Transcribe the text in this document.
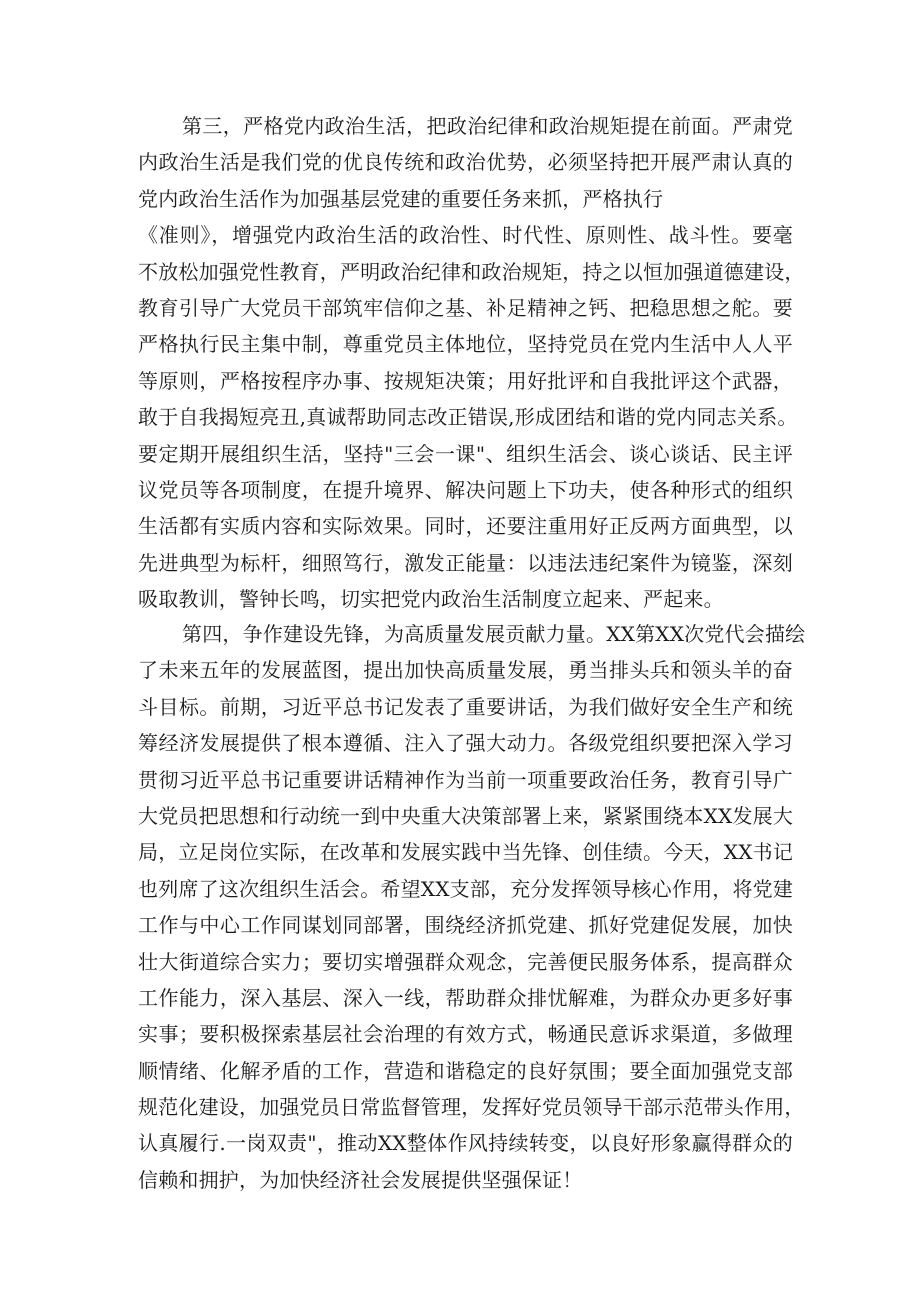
第三，严格党内政治生活，把政治纪律和政治规矩提在前面。严肃党
内政治生活是我们党的优良传统和政治优势，必须坚持把开展严肃认真的
党内政治生活作为加强基层党建的重要任务来抓，严格执行
《准则》，增强党内政治生活的政治性、时代性、原则性、战斗性。要毫
不放松加强党性教育，严明政治纪律和政治规矩，持之以恒加强道德建设，
教育引导广大党员干部筑牢信仰之基、补足精神之钙、把稳思想之舵。要
严格执行民主集中制，尊重党员主体地位，坚持党员在党内生活中人人平
等原则，严格按程序办事、按规矩决策；用好批评和自我批评这个武器，
敢于自我揭短亮丑,真诚帮助同志改正错误,形成团结和谐的党内同志关系。
要定期开展组织生活，坚持"三会一课"、组织生活会、谈心谈话、民主评
议党员等各项制度，在提升境界、解决问题上下功夫，使各种形式的组织
生活都有实质内容和实际效果。同时，还要注重用好正反两方面典型，以
先进典型为标杆，细照笃行，激发正能量：以违法违纪案件为镜鉴，深刻
吸取教训，警钟长鸣，切实把党内政治生活制度立起来、严起来。
第四，争作建设先锋，为高质量发展贡献力量。XX第XX次党代会描绘
了未来五年的发展蓝图，提出加快高质量发展，勇当排头兵和领头羊的奋
斗目标。前期，习近平总书记发表了重要讲话，为我们做好安全生产和统
筹经济发展提供了根本遵循、注入了强大动力。各级党组织要把深入学习
贯彻习近平总书记重要讲话精神作为当前一项重要政治任务，教育引导广
大党员把思想和行动统一到中央重大决策部署上来，紧紧围绕本XX发展大
局，立足岗位实际，在改革和发展实践中当先锋、创佳绩。今天，XX书记
也列席了这次组织生活会。希望XX支部，充分发挥领导核心作用，将党建
工作与中心工作同谋划同部署，围绕经济抓党建、抓好党建促发展，加快
壮大街道综合实力；要切实增强群众观念，完善便民服务体系，提高群众
工作能力，深入基层、深入一线，帮助群众排忧解难，为群众办更多好事
实事；要积极探索基层社会治理的有效方式，畅通民意诉求渠道，多做理
顺情绪、化解矛盾的工作，营造和谐稳定的良好氛围；要全面加强党支部
规范化建设，加强党员日常监督管理，发挥好党员领导干部示范带头作用，
认真履行.一岗双责"，推动XX整体作风持续转变，以良好形象赢得群众的
信赖和拥护，为加快经济社会发展提供坚强保证！
